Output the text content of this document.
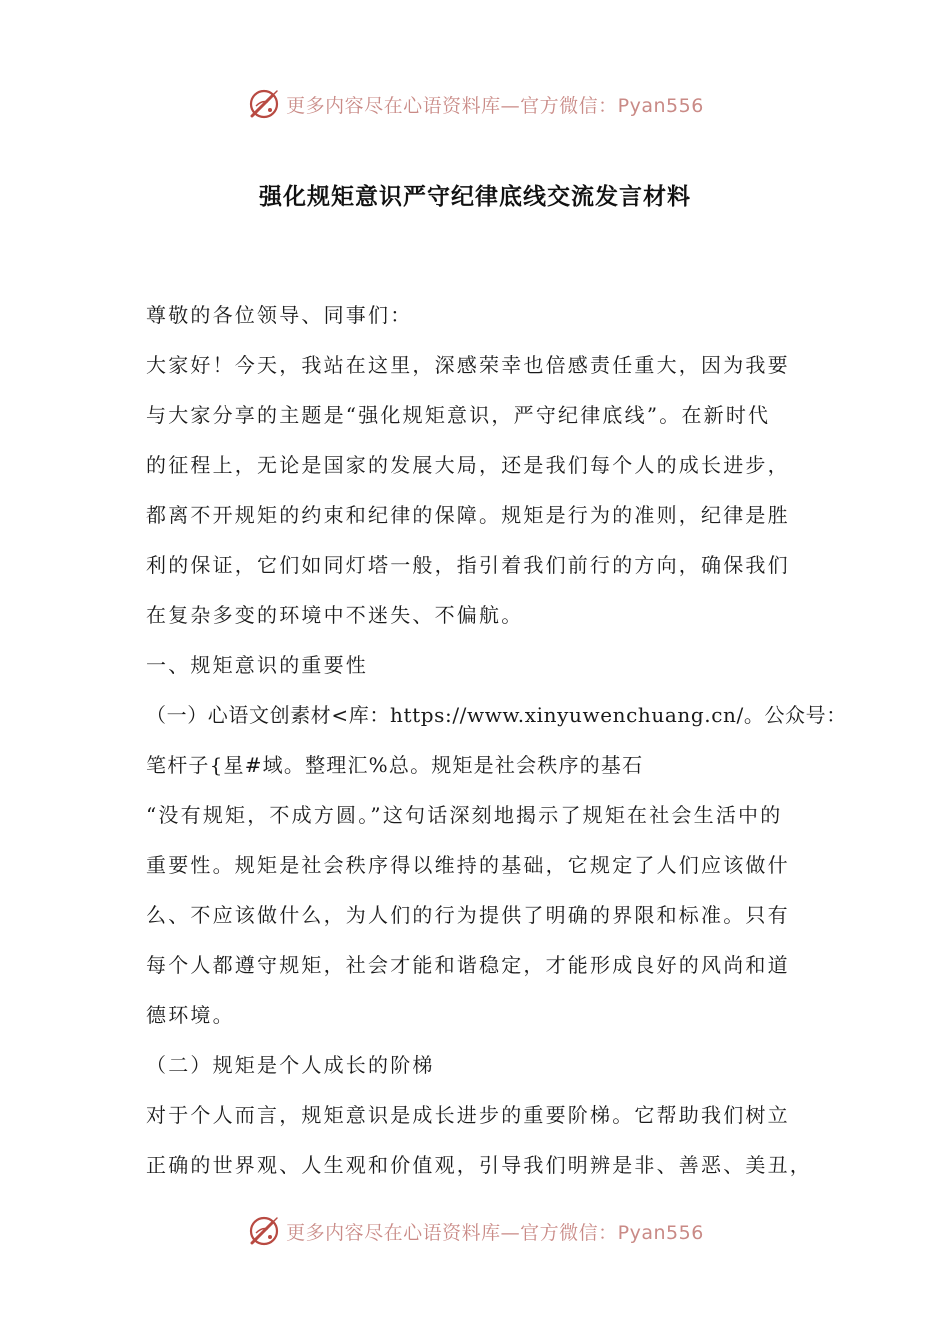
更多内容尽在心语资料库—官方微信：Pyan556
强化规矩意识严守纪律底线交流发言材料
尊敬的各位领导、同事们：
大家好！今天，我站在这里，深感荣幸也倍感责任重大，因为我要
与大家分享的主题是“强化规矩意识，严守纪律底线”。在新时代
的征程上，无论是国家的发展大局，还是我们每个人的成长进步，
都离不开规矩的约束和纪律的保障。规矩是行为的准则，纪律是胜
利的保证，它们如同灯塔一般，指引着我们前行的方向，确保我们
在复杂多变的环境中不迷失、不偏航。
一、规矩意识的重要性
（一）心语文创素材<库：https://www.xinyuwenchuang.cn/。公众号：
笔杆子{星#域。整理汇%总。规矩是社会秩序的基石
“没有规矩，不成方圆。”这句话深刻地揭示了规矩在社会生活中的
重要性。规矩是社会秩序得以维持的基础，它规定了人们应该做什
么、不应该做什么，为人们的行为提供了明确的界限和标准。只有
每个人都遵守规矩，社会才能和谐稳定，才能形成良好的风尚和道
德环境。
（二）规矩是个人成长的阶梯
对于个人而言，规矩意识是成长进步的重要阶梯。它帮助我们树立
正确的世界观、人生观和价值观，引导我们明辨是非、善恶、美丑，
更多内容尽在心语资料库—官方微信：Pyan556
